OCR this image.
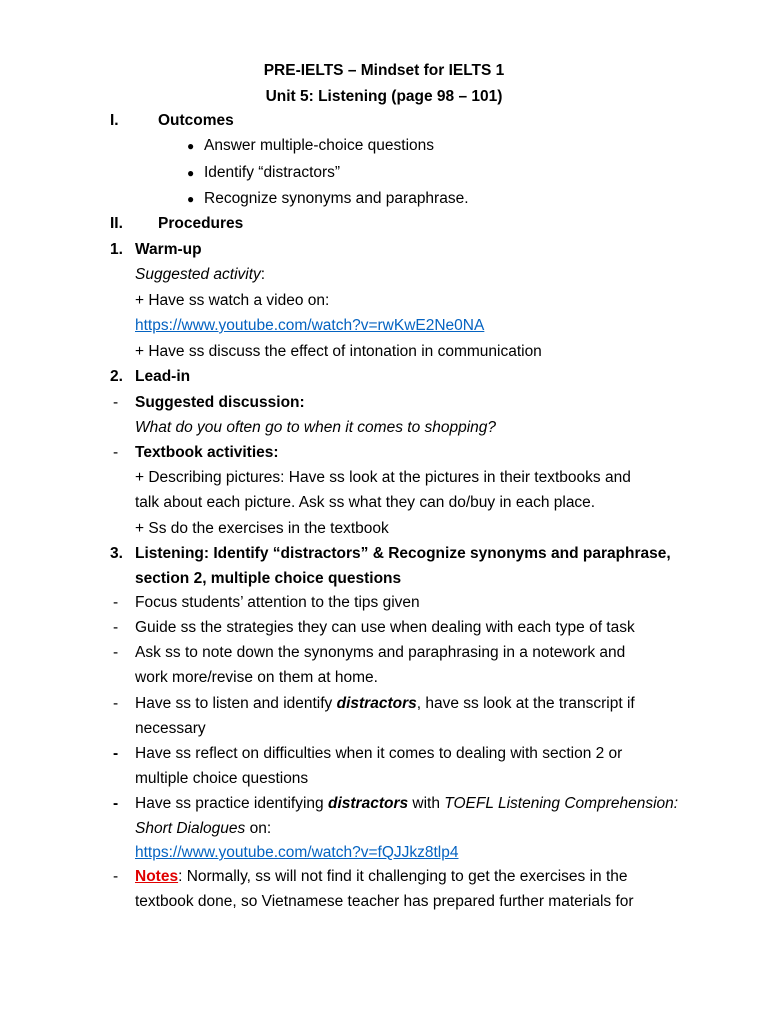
PRE-IELTS – Mindset for IELTS 1
Unit 5: Listening (page 98 – 101)
I.	Outcomes
● Answer multiple-choice questions
● Identify “distractors”
● Recognize synonyms and paraphrase.
II. Procedures
1. Warm-up
Suggested activity:
+ Have ss watch a video on:
https://www.youtube.com/watch?v=rwKwE2Ne0NA
+ Have ss discuss the effect of intonation in communication
2. Lead-in
- Suggested discussion:
What do you often go to when it comes to shopping?
- Textbook activities:
+ Describing pictures: Have ss look at the pictures in their textbooks and
talk about each picture. Ask ss what they can do/buy in each place.
+ Ss do the exercises in the textbook
3. Listening: Identify “distractors” & Recognize synonyms and paraphrase,
section 2, multiple choice questions
- Focus students’ attention to the tips given
- Guide ss the strategies they can use when dealing with each type of task
- Ask ss to note down the synonyms and paraphrasing in a notework and
work more/revise on them at home.
- Have ss to listen and identify distractors, have ss look at the transcript if
necessary
- Have ss reflect on difficulties when it comes to dealing with section 2 or
multiple choice questions
- Have ss practice identifying distractors with TOEFL Listening Comprehension:
Short Dialogues on:
https://www.youtube.com/watch?v=fQJJkz8tlp4
- Notes: Normally, ss will not find it challenging to get the exercises in the
textbook done, so Vietnamese teacher has prepared further materials for
